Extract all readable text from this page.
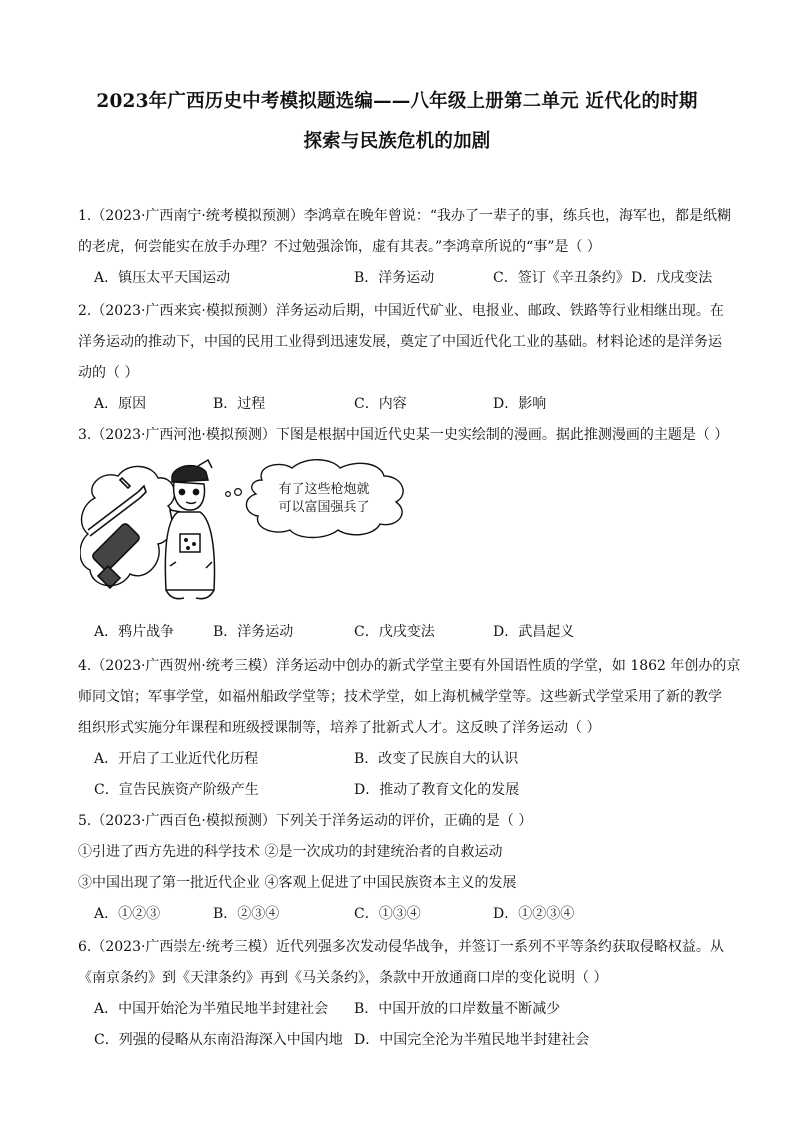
2023年广西历史中考模拟题选编——八年级上册第二单元 近代化的时期
探索与民族危机的加剧
1.（2023·广西南宁·统考模拟预测）李鸿章在晚年曾说：“我办了一辈子的事，练兵也，海军也，都是纸糊
的老虎，何尝能实在放手办理？不过勉强涂饰，虚有其表。”李鸿章所说的“事”是（ ）
A．镇压太平天国运动	B．洋务运动	C．签订《辛丑条约》 D．戊戌变法
2.（2023·广西来宾·模拟预测）洋务运动后期，中国近代矿业、电报业、邮政、铁路等行业相继出现。在
洋务运动的推动下，中国的民用工业得到迅速发展，奠定了中国近代化工业的基础。材料论述的是洋务运
动的（ ）
A．原因	B．过程	C．内容	D．影响
3.（2023·广西河池·模拟预测）下图是根据中国近代史某一史实绘制的漫画。据此推测漫画的主题是（ ）
有了这些枪炮就
可以富国强兵了
A．鸦片战争	B．洋务运动	C．戊戌变法	D．武昌起义
4.（2023·广西贺州·统考三模）洋务运动中创办的新式学堂主要有外国语性质的学堂，如 1862 年创办的京
师同文馆；军事学堂，如福州船政学堂等；技术学堂，如上海机械学堂等。这些新式学堂采用了新的教学
组织形式实施分年课程和班级授课制等，培养了批新式人才。这反映了洋务运动（ ）
A．开启了工业近代化历程	B．改变了民族自大的认识
C．宣告民族资产阶级产生	D．推动了教育文化的发展
5.（2023·广西百色·模拟预测）下列关于洋务运动的评价，正确的是（ ）
①引进了西方先进的科学技术 ②是一次成功的封建统治者的自救运动
③中国出现了第一批近代企业 ④客观上促进了中国民族资本主义的发展
A．①②③	B．②③④	C．①③④	D．①②③④
6.（2023·广西崇左·统考三模）近代列强多次发动侵华战争，并签订一系列不平等条约获取侵略权益。从
《南京条约》到《天津条约》再到《马关条约》，条款中开放通商口岸的变化说明（ ）
A．中国开始沦为半殖民地半封建社会 B．中国开放的口岸数量不断减少
C．列强的侵略从东南沿海深入中国内地 D．中国完全沦为半殖民地半封建社会
